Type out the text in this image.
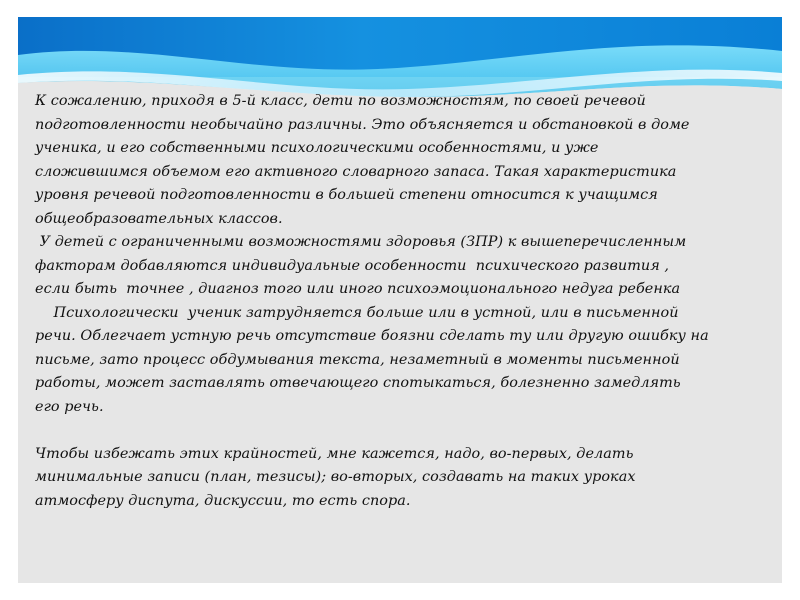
К сожалению, приходя в 5-й класс, дети по возможностям, по своей речевой
подготовленности необычайно различны. Это объясняется и обстановкой в доме
ученика, и его собственными психологическими особенностями, и уже
сложившимся объемом его активного словарного запаса. Такая характеристика
уровня речевой подготовленности в большей степени относится к учащимся
общеобразовательных классов.
У детей с ограниченными возможностями здоровья (ЗПР) к вышеперечисленным
факторам добавляются индивидуальные особенности  психического развития ,
если быть  точнее , диагноз того или иного психоэмоционального недуга ребенка
Психологически  ученик затрудняется больше или в устной, или в письменной
речи. Облегчает устную речь отсутствие боязни сделать ту или другую ошибку на
письме, зато процесс обдумывания текста, незаметный в моменты письменной
работы, может заставлять отвечающего спотыкаться, болезненно замедлять
его речь.
Чтобы избежать этих крайностей, мне кажется, надо, во-первых, делать
минимальные записи (план, тезисы); во-вторых, создавать на таких уроках
атмосферу диспута, дискуссии, то есть спора.
